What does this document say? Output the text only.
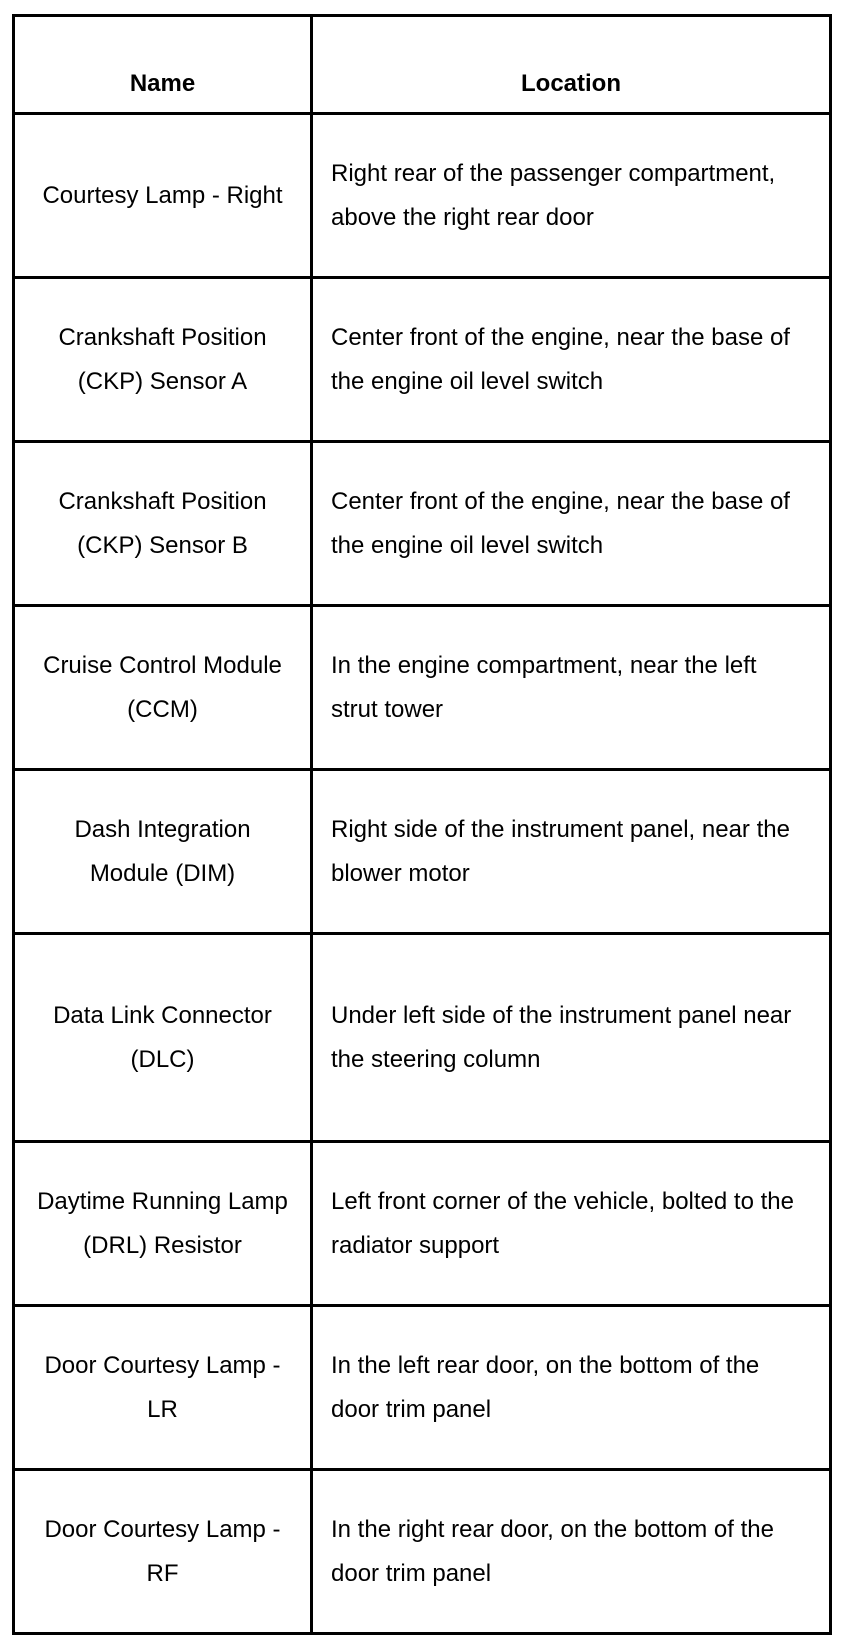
Name	Location
Courtesy Lamp - Right	Right rear of the passenger compartment, above the right rear door
Crankshaft Position (CKP) Sensor A	Center front of the engine, near the base of the engine oil level switch
Crankshaft Position (CKP) Sensor B	Center front of the engine, near the base of the engine oil level switch
Cruise Control Module (CCM)	In the engine compartment, near the left strut tower
Dash Integration Module (DIM)	Right side of the instrument panel, near the blower motor
Data Link Connector (DLC)	Under left side of the instrument panel near the steering column
Daytime Running Lamp (DRL) Resistor	Left front corner of the vehicle, bolted to the radiator support
Door Courtesy Lamp - LR	In the left rear door, on the bottom of the door trim panel
Door Courtesy Lamp - RF	In the right rear door, on the bottom of the door trim panel
